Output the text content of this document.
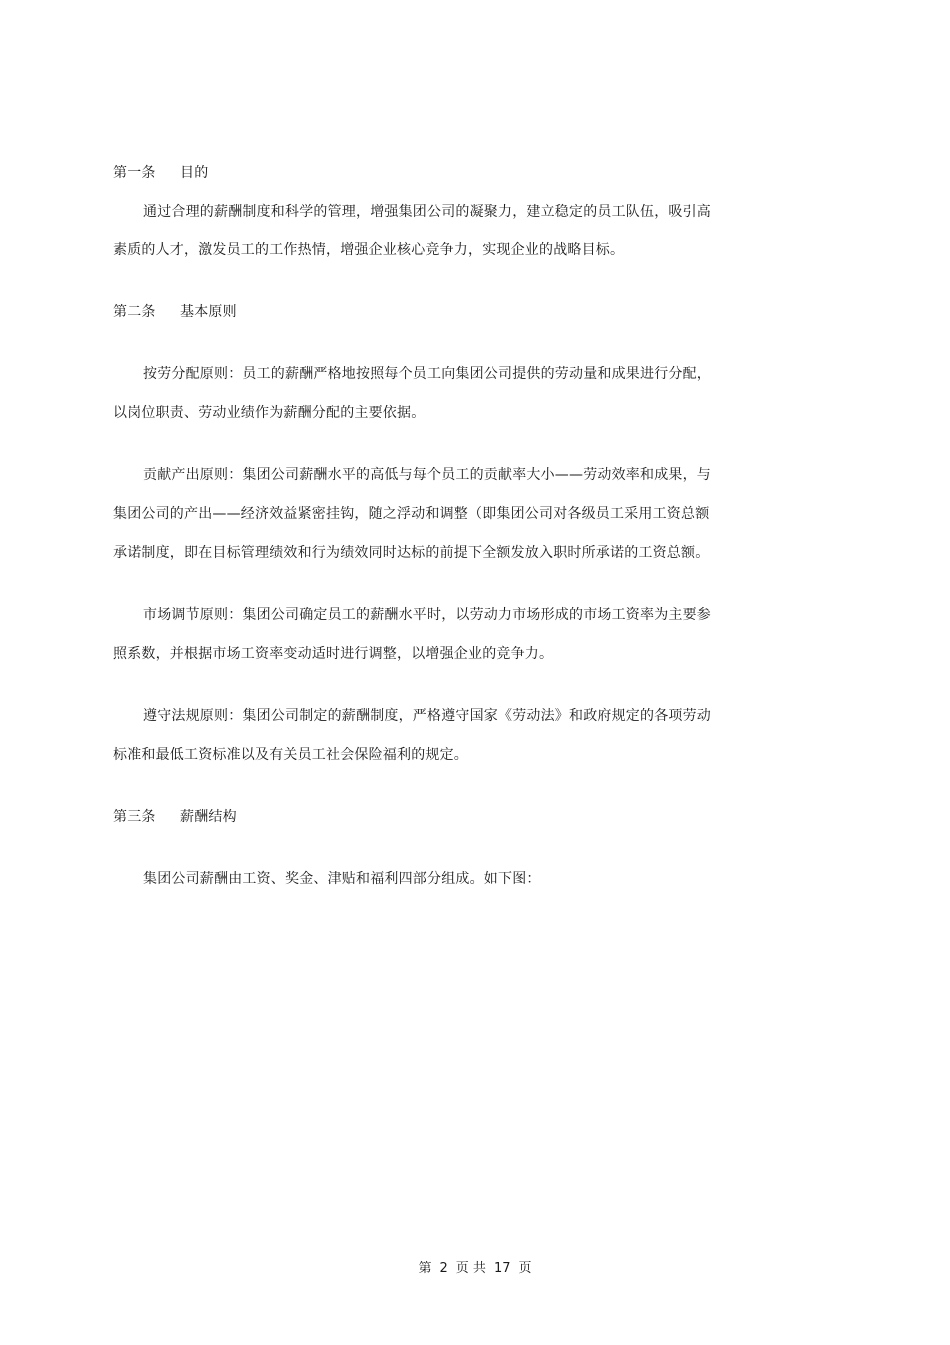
第一条 目的
通过合理的薪酬制度和科学的管理，增强集团公司的凝聚力，建立稳定的员工队伍，吸引高
素质的人才，激发员工的工作热情，增强企业核心竞争力，实现企业的战略目标。
第二条 基本原则
按劳分配原则：员工的薪酬严格地按照每个员工向集团公司提供的劳动量和成果进行分配，
以岗位职责、劳动业绩作为薪酬分配的主要依据。
贡献产出原则：集团公司薪酬水平的高低与每个员工的贡献率大小——劳动效率和成果，与
集团公司的产出——经济效益紧密挂钩，随之浮动和调整（即集团公司对各级员工采用工资总额
承诺制度，即在目标管理绩效和行为绩效同时达标的前提下全额发放入职时所承诺的工资总额。
市场调节原则：集团公司确定员工的薪酬水平时，以劳动力市场形成的市场工资率为主要参
照系数，并根据市场工资率变动适时进行调整，以增强企业的竞争力。
遵守法规原则：集团公司制定的薪酬制度，严格遵守国家《劳动法》和政府规定的各项劳动
标准和最低工资标准以及有关员工社会保险福利的规定。
第三条 薪酬结构
集团公司薪酬由工资、奖金、津贴和福利四部分组成。如下图：
第 2 页 共 17 页
